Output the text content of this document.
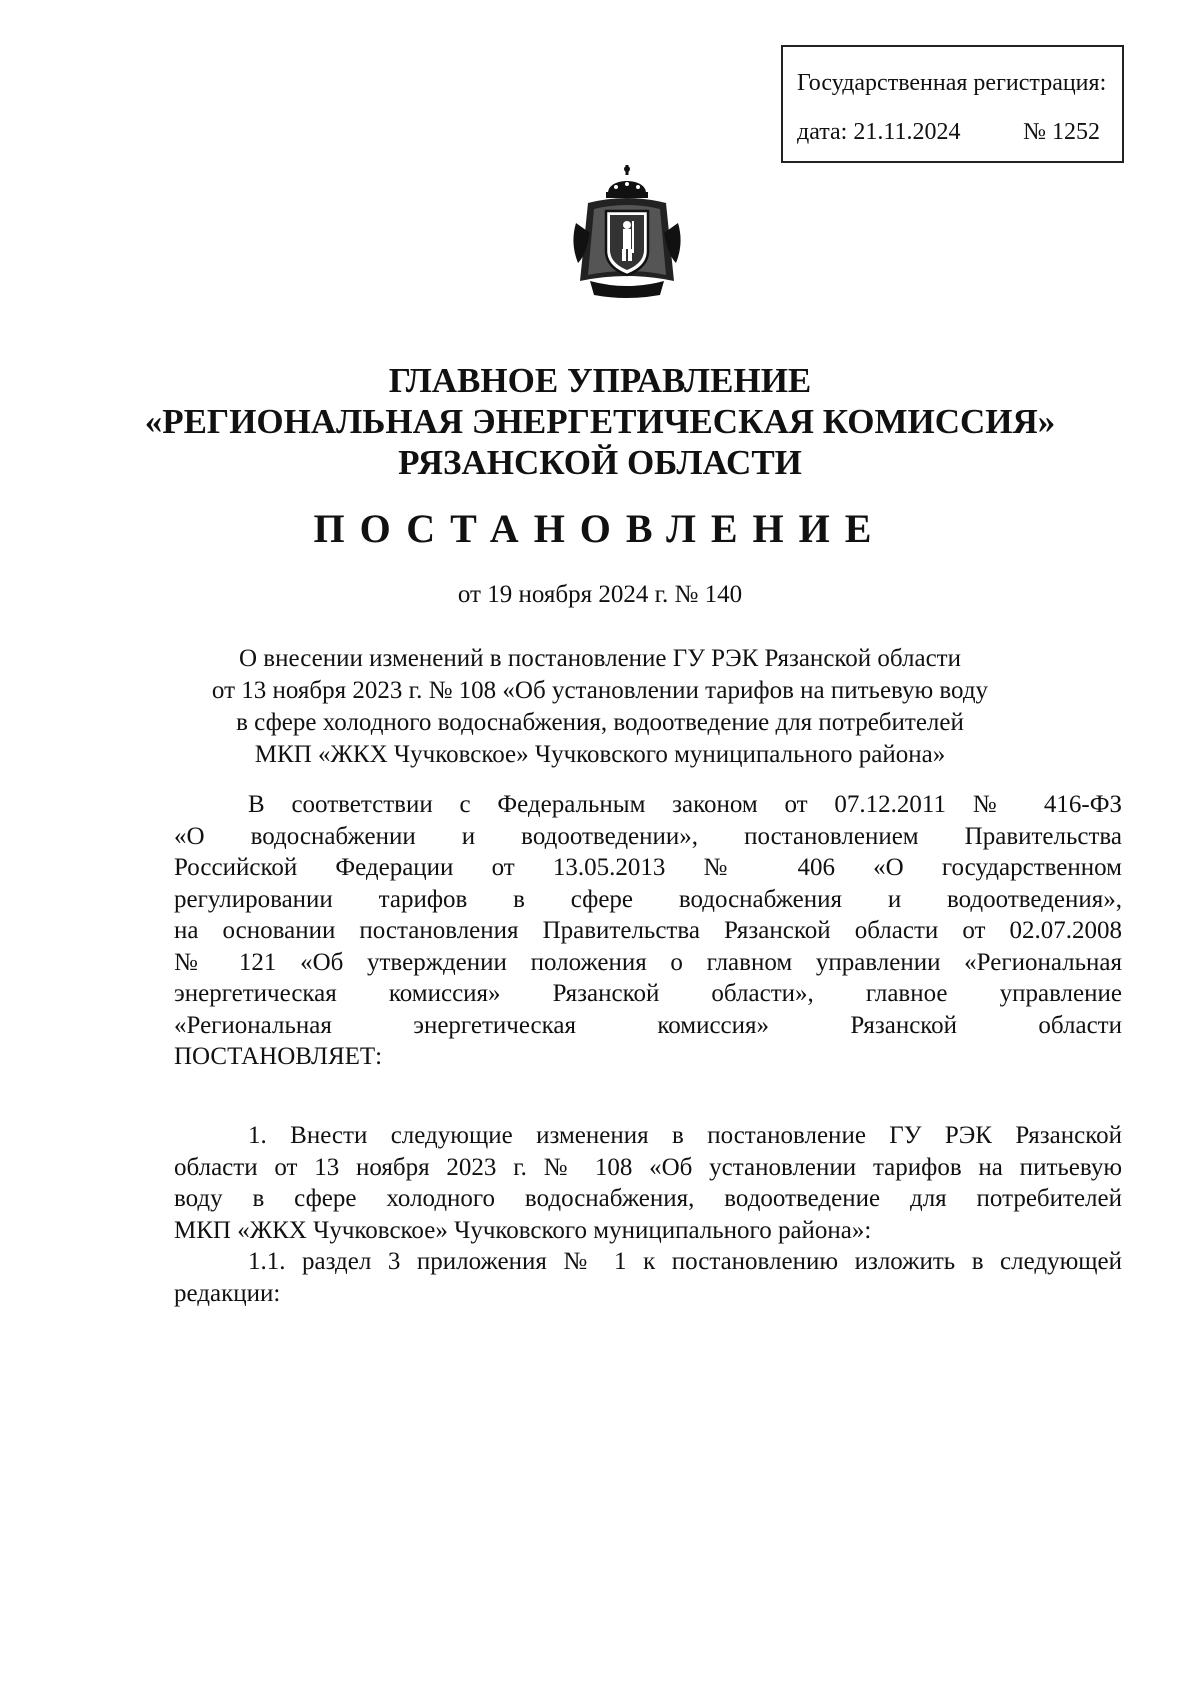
Государственная регистрация:
дата: 21.11.2024	№ 1252
ГЛАВНОЕ УПРАВЛЕНИЕ
«РЕГИОНАЛЬНАЯ ЭНЕРГЕТИЧЕСКАЯ КОМИССИЯ»
РЯЗАНСКОЙ ОБЛАСТИ
ПОСТАНОВЛЕНИЕ
от 19 ноября 2024 г. № 140
О внесении изменений в постановление ГУ РЭК Рязанской области
от 13 ноября 2023 г. № 108 «Об установлении тарифов на питьевую воду
в сфере холодного водоснабжения, водоотведение для потребителей
МКП «ЖКХ Чучковское» Чучковского муниципального района»
В соответствии с Федеральным законом от 07.12.2011 № 416-ФЗ
«О водоснабжении и водоотведении», постановлением Правительства
Российской Федерации от 13.05.2013 № 406 «О государственном
регулировании тарифов в сфере водоснабжения и водоотведения»,
на основании постановления Правительства Рязанской области от 02.07.2008
№ 121 «Об утверждении положения о главном управлении «Региональная
энергетическая комиссия» Рязанской области», главное управление
«Региональная энергетическая комиссия» Рязанской области
ПОСТАНОВЛЯЕТ:
1. Внести следующие изменения в постановление ГУ РЭК Рязанской
области от 13 ноября 2023 г. № 108 «Об установлении тарифов на питьевую
воду в сфере холодного водоснабжения, водоотведение для потребителей
МКП «ЖКХ Чучковское» Чучковского муниципального района»:
1.1. раздел 3 приложения № 1 к постановлению изложить в следующей
редакции:
